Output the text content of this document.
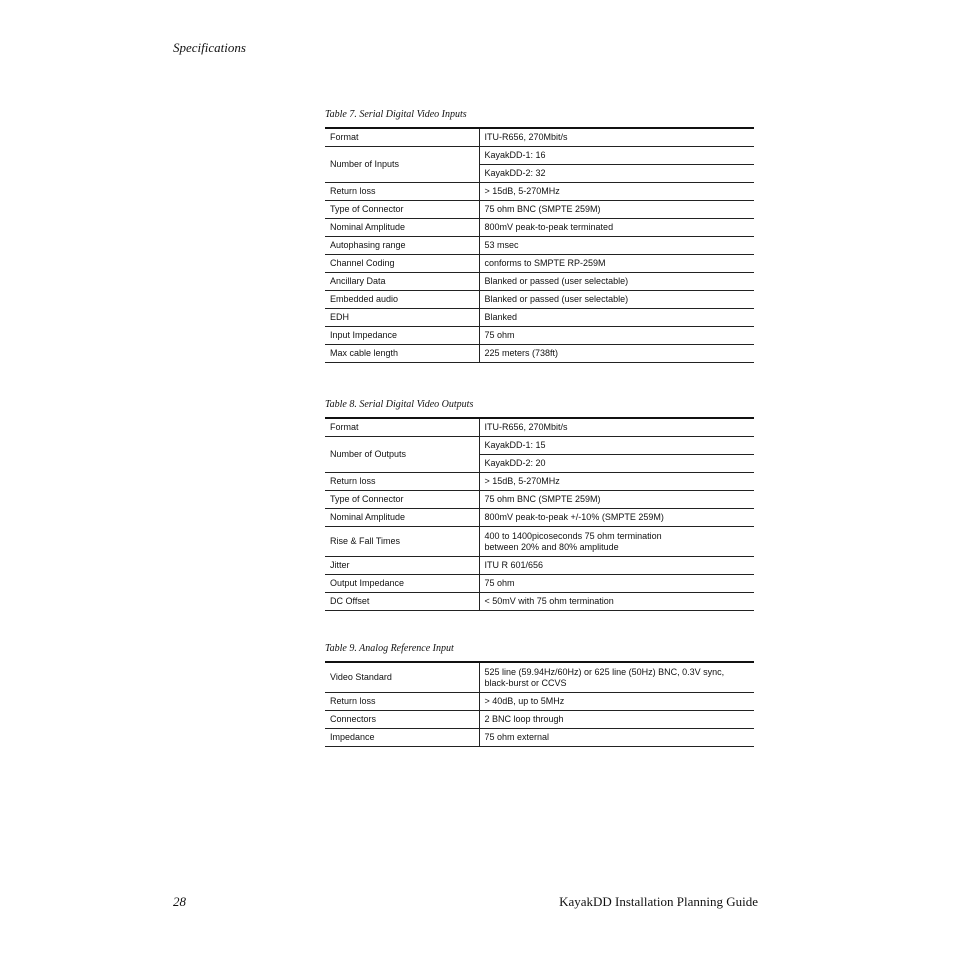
Specifications
Table 7. Serial Digital Video Inputs
Format	ITU-R656, 270Mbit/s
Number of Inputs	KayakDD-1: 16
	KayakDD-2: 32
Return loss	> 15dB, 5-270MHz
Type of Connector	75 ohm BNC (SMPTE 259M)
Nominal Amplitude	800mV peak-to-peak terminated
Autophasing range	53 msec
Channel Coding	conforms to SMPTE RP-259M
Ancillary Data	Blanked or passed (user selectable)
Embedded audio	Blanked or passed (user selectable)
EDH	Blanked
Input Impedance	75 ohm
Max cable length	225 meters (738ft)
Table 8. Serial Digital Video Outputs
Format	ITU-R656, 270Mbit/s
Number of Outputs	KayakDD-1: 15
	KayakDD-2: 20
Return loss	> 15dB, 5-270MHz
Type of Connector	75 ohm BNC (SMPTE 259M)
Nominal Amplitude	800mV peak-to-peak +/-10% (SMPTE 259M)
Rise & Fall Times	400 to 1400picoseconds 75 ohm termination
between 20% and 80% amplitude

Jitter	ITU R 601/656
Output Impedance	75 ohm
DC Offset	< 50mV with 75 ohm termination
Table 9. Analog Reference Input
Video Standard	525 line (59.94Hz/60Hz) or 625 line (50Hz) BNC, 0.3V sync,
black-burst or CCVS

Return loss	> 40dB, up to 5MHz
Connectors	2 BNC loop through
Impedance	75 ohm external
28	KayakDD Installation Planning Guide
